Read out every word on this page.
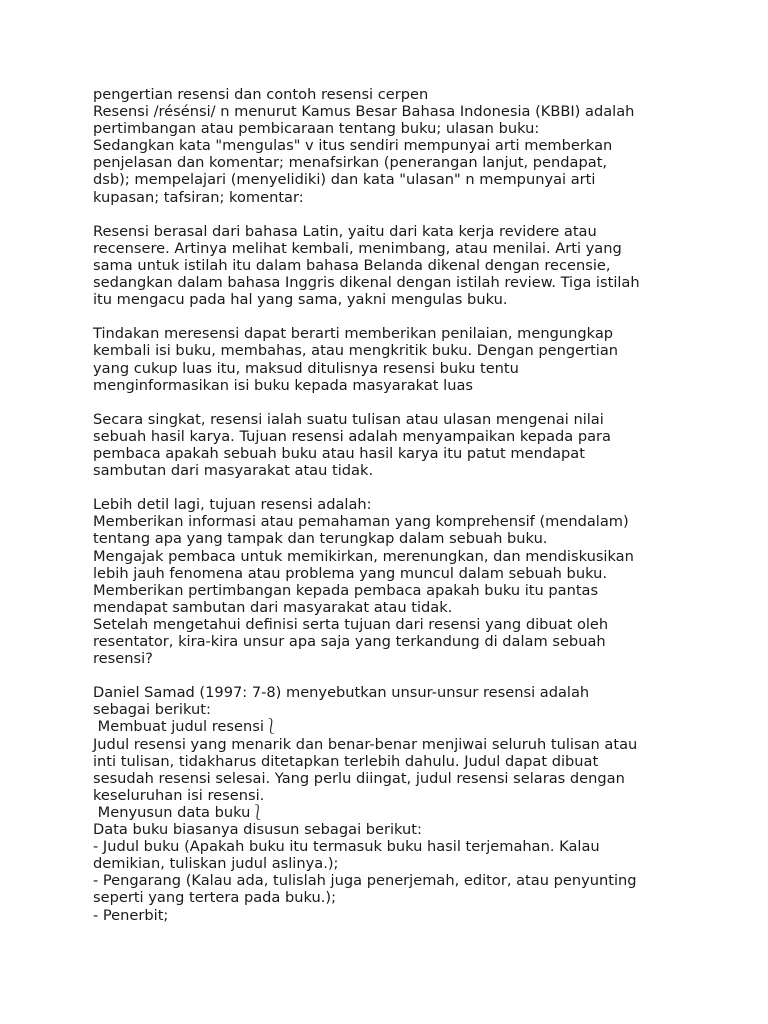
pengertian resensi dan contoh resensi cerpen
Resensi /résénsi/ n menurut Kamus Besar Bahasa Indonesia (KBBI) adalah
pertimbangan atau pembicaraan tentang buku; ulasan buku:
Sedangkan kata "mengulas" v itus sendiri mempunyai arti memberkan
penjelasan dan komentar; menafsirkan (penerangan lanjut, pendapat,
dsb); mempelajari (menyelidiki) dan kata "ulasan" n mempunyai arti
kupasan; tafsiran; komentar:
Resensi berasal dari bahasa Latin, yaitu dari kata kerja revidere atau
recensere. Artinya melihat kembali, menimbang, atau menilai. Arti yang
sama untuk istilah itu dalam bahasa Belanda dikenal dengan recensie,
sedangkan dalam bahasa Inggris dikenal dengan istilah review. Tiga istilah
itu mengacu pada hal yang sama, yakni mengulas buku.
Tindakan meresensi dapat berarti memberikan penilaian, mengungkap
kembali isi buku, membahas, atau mengkritik buku. Dengan pengertian
yang cukup luas itu, maksud ditulisnya resensi buku tentu
menginformasikan isi buku kepada masyarakat luas
Secara singkat, resensi ialah suatu tulisan atau ulasan mengenai nilai
sebuah hasil karya. Tujuan resensi adalah menyampaikan kepada para
pembaca apakah sebuah buku atau hasil karya itu patut mendapat
sambutan dari masyarakat atau tidak.
Lebih detil lagi, tujuan resensi adalah:
Memberikan informasi atau pemahaman yang komprehensif (mendalam)
tentang apa yang tampak dan terungkap dalam sebuah buku.
Mengajak pembaca untuk memikirkan, merenungkan, dan mendiskusikan
lebih jauh fenomena atau problema yang muncul dalam sebuah buku.
Memberikan pertimbangan kepada pembaca apakah buku itu pantas
mendapat sambutan dari masyarakat atau tidak.
Setelah mengetahui definisi serta tujuan dari resensi yang dibuat oleh
resentator, kira-kira unsur apa saja yang terkandung di dalam sebuah
resensi?
Daniel Samad (1997: 7-8) menyebutkan unsur-unsur resensi adalah
sebagai berikut:
Membuat judul resensi⎱
Judul resensi yang menarik dan benar-benar menjiwai seluruh tulisan atau
inti tulisan, tidakharus ditetapkan terlebih dahulu. Judul dapat dibuat
sesudah resensi selesai. Yang perlu diingat, judul resensi selaras dengan
keseluruhan isi resensi.
Menyusun data buku⎱
Data buku biasanya disusun sebagai berikut:
- Judul buku (Apakah buku itu termasuk buku hasil terjemahan. Kalau
demikian, tuliskan judul aslinya.);
- Pengarang (Kalau ada, tulislah juga penerjemah, editor, atau penyunting
seperti yang tertera pada buku.);
- Penerbit;
